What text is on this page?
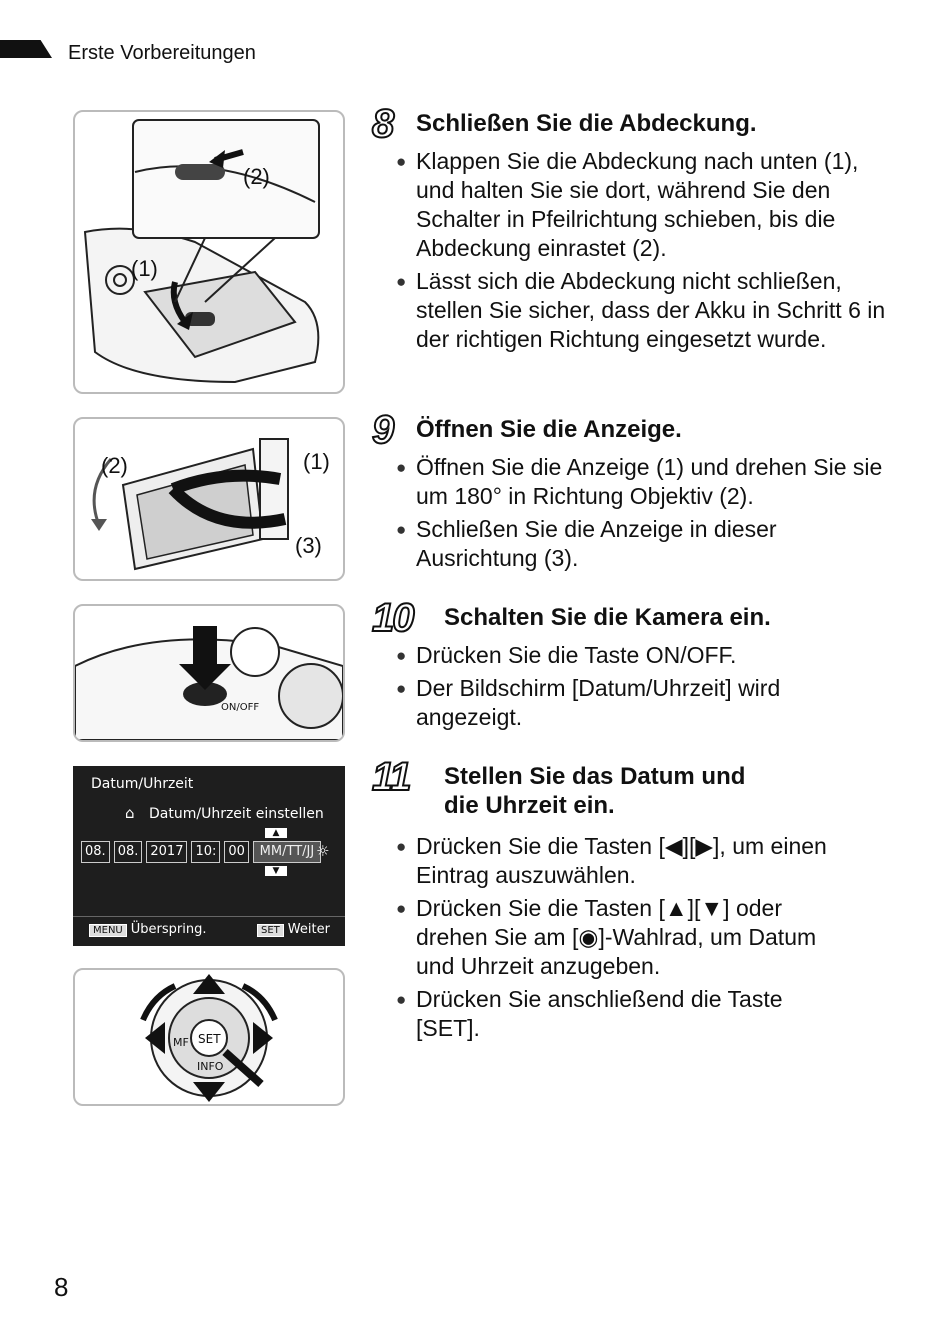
Erste Vorbereitungen
(2)
(1)
(2)	(1)
(3)
ON/OFF
Datum/Uhrzeit
⌂ Datum/Uhrzeit einstellen
▲
08. 08. 2017 10: 00	MM/TT/JJ
▼
☼
MENU Überspring.	SET Weiter
SET
MF
INFO
8 Schließen Sie die Abdeckung.
● Klappen Sie die Abdeckung nach unten (1), und halten Sie sie dort, während Sie den Schalter in Pfeilrichtung schieben, bis die Abdeckung einrastet (2).
● Lässt sich die Abdeckung nicht schließen, stellen Sie sicher, dass der Akku in Schritt 6 in der richtigen Richtung eingesetzt wurde.
9 Öffnen Sie die Anzeige.
● Öffnen Sie die Anzeige (1) und drehen Sie sie um 180° in Richtung Objektiv (2).
● Schließen Sie die Anzeige in dieser Ausrichtung (3).
10 Schalten Sie die Kamera ein.
● Drücken Sie die Taste ON/OFF.
● Der Bildschirm [Datum/Uhrzeit] wird angezeigt.
11 Stellen Sie das Datum und
die Uhrzeit ein.
● Drücken Sie die Tasten [◀][▶], um einen Eintrag auszuwählen.
● Drücken Sie die Tasten [▲][▼] oder drehen Sie am [◉]-Wahlrad, um Datum und Uhrzeit anzugeben.
● Drücken Sie anschließend die Taste [SET].
8
